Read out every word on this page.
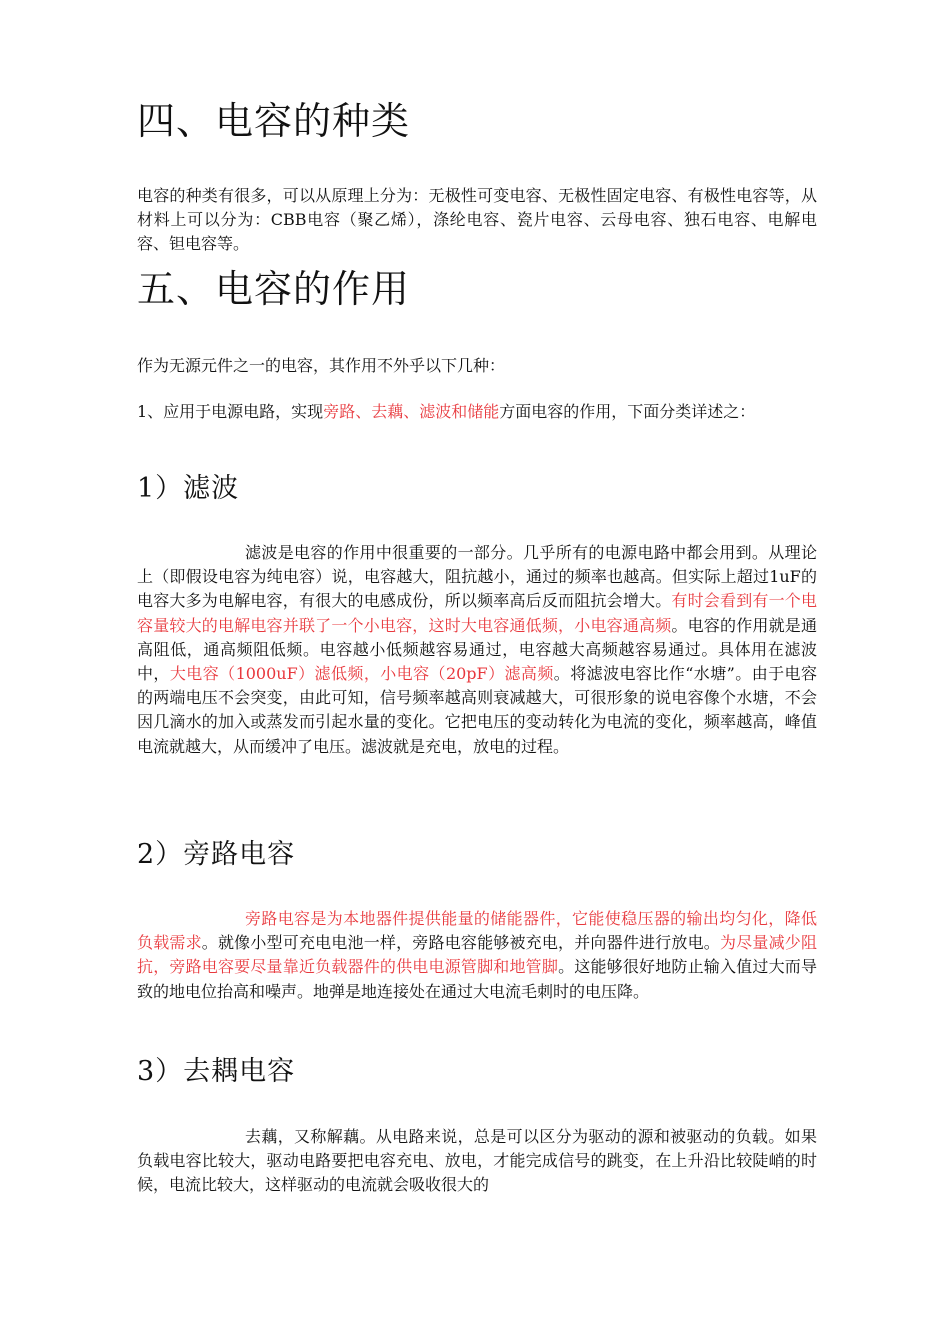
四、电容的种类

电容的种类有很多，可以从原理上分为：无极性可变电容、无极性固定电容、有极性电容等，从材料上可以分为：CBB电容（聚乙烯），涤纶电容、瓷片电容、云母电容、独石电容、电解电容、钽电容等。

五、电容的作用

作为无源元件之一的电容，其作用不外乎以下几种：

1、应用于电源电路，实现旁路、去藕、滤波和储能方面电容的作用，下面分类详述之：

1）滤波

滤波是电容的作用中很重要的一部分。几乎所有的电源电路中都会用到。从理论上（即假设电容为纯电容）说，电容越大，阻抗越小，通过的频率也越高。但实际上超过1uF的电容大多为电解电容，有很大的电感成份，所以频率高后反而阻抗会增大。有时会看到有一个电容量较大的电解电容并联了一个小电容，这时大电容通低频，小电容通高频。电容的作用就是通高阻低，通高频阻低频。电容越小低频越容易通过，电容越大高频越容易通过。具体用在滤波中，大电容（1000uF）滤低频，小电容（20pF）滤高频。将滤波电容比作“水塘”。由于电容的两端电压不会突变，由此可知，信号频率越高则衰减越大，可很形象的说电容像个水塘，不会因几滴水的加入或蒸发而引起水量的变化。它把电压的变动转化为电流的变化，频率越高，峰值电流就越大，从而缓冲了电压。滤波就是充电，放电的过程。

2）旁路电容

旁路电容是为本地器件提供能量的储能器件，它能使稳压器的输出均匀化，降低负载需求。就像小型可充电电池一样，旁路电容能够被充电，并向器件进行放电。为尽量减少阻抗，旁路电容要尽量靠近负载器件的供电电源管脚和地管脚。这能够很好地防止输入值过大而导致的地电位抬高和噪声。地弹是地连接处在通过大电流毛刺时的电压降。

3）去耦电容

去藕，又称解藕。从电路来说，总是可以区分为驱动的源和被驱动的负载。如果负载电容比较大，驱动电路要把电容充电、放电，才能完成信号的跳变，在上升沿比较陡峭的时候，电流比较大，这样驱动的电流就会吸收很大的
